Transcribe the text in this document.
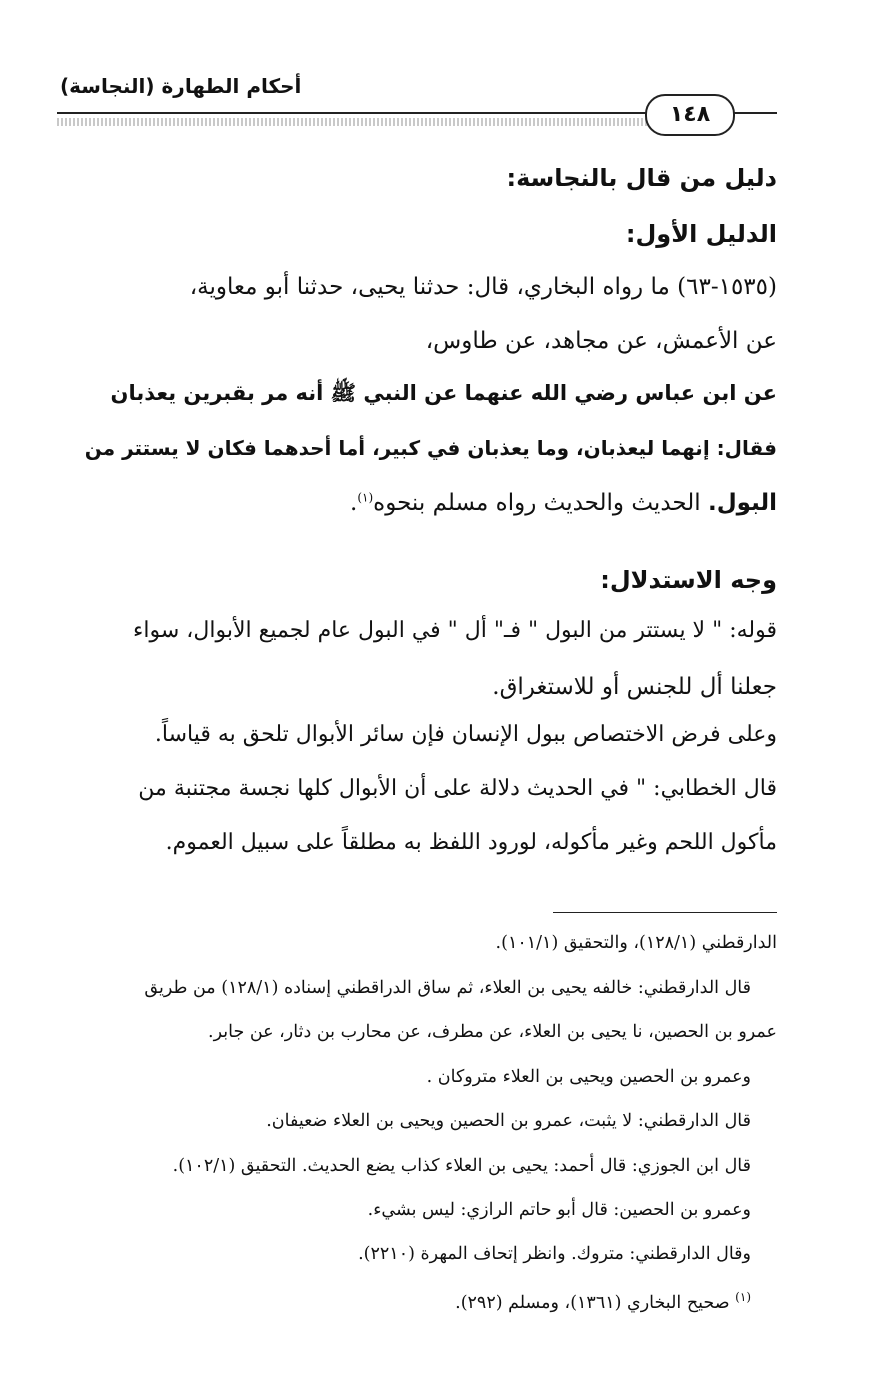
أحكام الطهارة (النجاسة)
١٤٨
دليل من قال بالنجاسة:
الدليل الأول:
(١٥٣٥-٦٣) ما رواه البخاري، قال: حدثنا يحيى، حدثنا أبو معاوية،
عن الأعمش، عن مجاهد، عن طاوس،
عن ابن عباس رضي الله عنهما عن النبي ﷺ أنه مر بقبرين يعذبان
فقال: إنهما ليعذبان، وما يعذبان في كبير، أما أحدهما فكان لا يستتر من
البول. الحديث والحديث رواه مسلم بنحوه$^{(١)}$.
وجه الاستدلال:
قوله: " لا يستتر من البول " فـ" أل " في البول عام لجميع الأبوال، سواء
جعلنا أل للجنس أو للاستغراق.
وعلى فرض الاختصاص ببول الإنسان فإن سائر الأبوال تلحق به قياساً.
قال الخطابي: " في الحديث دلالة على أن الأبوال كلها نجسة مجتنبة من
مأكول اللحم وغير مأكوله، لورود اللفظ به مطلقاً على سبيل العموم.
الدارقطني (١٢٨/١)، والتحقيق (١٠١/١).
قال الدارقطني: خالفه يحيى بن العلاء، ثم ساق الدراقطني إسناده (١٢٨/١) من طريق
عمرو بن الحصين، نا يحيى بن العلاء، عن مطرف، عن محارب بن دثار، عن جابر.
وعمرو بن الحصين ويحيى بن العلاء متروكان .
قال الدارقطني: لا يثبت، عمرو بن الحصين ويحيى بن العلاء ضعيفان.
قال ابن الجوزي: قال أحمد: يحيى بن العلاء كذاب يضع الحديث. التحقيق (١٠٢/١).
وعمرو بن الحصين: قال أبو حاتم الرازي: ليس بشيء.
وقال الدارقطني: متروك. وانظر إتحاف المهرة (٢٢١٠).
$^{(١)}$ صحيح البخاري (١٣٦١)، ومسلم (٢٩٢).
